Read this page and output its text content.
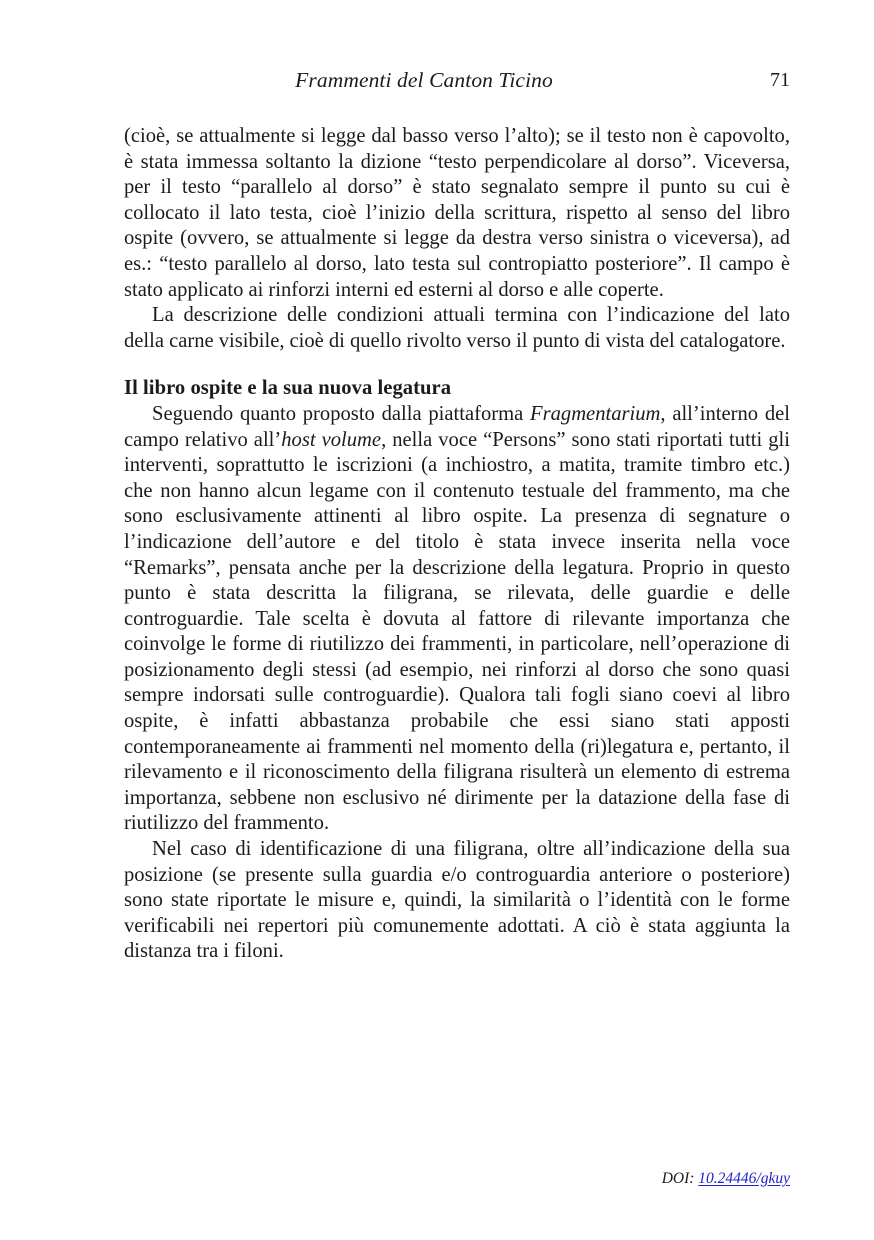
Frammenti del Canton Ticino	71

(cioè, se attualmente si legge dal basso verso l’alto); se il testo non è capovolto, è stata immessa soltanto la dizione “testo perpendicolare al dorso”. Viceversa, per il testo “parallelo al dorso” è stato segnalato sempre il punto su cui è collocato il lato testa, cioè l’inizio della scrittura, rispetto al senso del libro ospite (ovvero, se attualmente si legge da destra verso sinistra o viceversa), ad es.: “testo parallelo al dorso, lato testa sul contropiatto posteriore”. Il campo è stato applicato ai rinforzi interni ed esterni al dorso e alle coperte.

La descrizione delle condizioni attuali termina con l’indicazione del lato della carne visibile, cioè di quello rivolto verso il punto di vista del catalogatore.

Il libro ospite e la sua nuova legatura

Seguendo quanto proposto dalla piattaforma Fragmentarium, all’interno del campo relativo all’host volume, nella voce “Persons” sono stati riportati tutti gli interventi, soprattutto le iscrizioni (a inchiostro, a matita, tramite timbro etc.) che non hanno alcun legame con il contenuto testuale del frammento, ma che sono esclusivamente attinenti al libro ospite. La presenza di segnature o l’indicazione dell’autore e del titolo è stata invece inserita nella voce “Remarks”, pensata anche per la descrizione della legatura. Proprio in questo punto è stata descritta la filigrana, se rilevata, delle guardie e delle controguardie. Tale scelta è dovuta al fattore di rilevante importanza che coinvolge le forme di riutilizzo dei frammenti, in particolare, nell’operazione di posizionamento degli stessi (ad esempio, nei rinforzi al dorso che sono quasi sempre indorsati sulle controguardie). Qualora tali fogli siano coevi al libro ospite, è infatti abbastanza probabile che essi siano stati apposti contemporaneamente ai frammenti nel momento della (ri)legatura e, pertanto, il rilevamento e il riconoscimento della filigrana risulterà un elemento di estrema importanza, sebbene non esclusivo né dirimente per la datazione della fase di riutilizzo del frammento.

Nel caso di identificazione di una filigrana, oltre all’indicazione della sua posizione (se presente sulla guardia e/o controguardia anteriore o posteriore) sono state riportate le misure e, quindi, la similarità o l’identità con le forme verificabili nei repertori più comunemente adottati. A ciò è stata aggiunta la distanza tra i filoni.

DOI: 10.24446/gkuy
